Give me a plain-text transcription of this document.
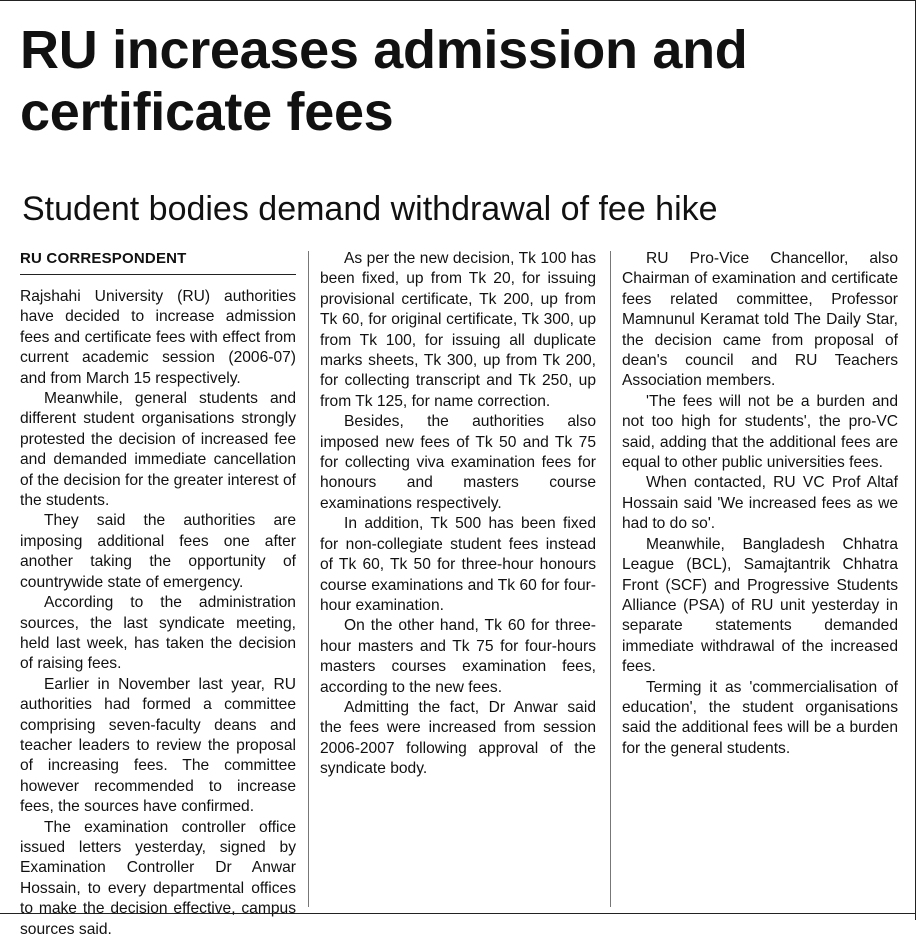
RU increases admission and certificate fees
Student bodies demand withdrawal of fee hike
RU CORRESPONDENT

Rajshahi University (RU) authorities have decided to increase admission fees and certificate fees with effect from current academic session (2006-07) and from March 15 respectively.

Meanwhile, general students and different student organisations strongly protested the decision of increased fee and demanded immediate cancellation of the decision for the greater interest of the students.

They said the authorities are imposing additional fees one after another taking the opportunity of countrywide state of emergency.

According to the administration sources, the last syndicate meeting, held last week, has taken the decision of raising fees.

Earlier in November last year, RU authorities had formed a committee comprising seven-faculty deans and teacher leaders to review the proposal of increasing fees. The committee however recommended to increase fees, the sources have confirmed.

The examination controller office issued letters yesterday, signed by Examination Controller Dr Anwar Hossain, to every departmental offices to make the decision effective, campus sources said.

As per the new decision, Tk 100 has been fixed, up from Tk 20, for issuing provisional certificate, Tk 200, up from Tk 60, for original certificate, Tk 300, up from Tk 100, for issuing all duplicate marks sheets, Tk 300, up from Tk 200, for collecting transcript and Tk 250, up from Tk 125, for name correction.

Besides, the authorities also imposed new fees of Tk 50 and Tk 75 for collecting viva examination fees for honours and masters course examinations respectively.

In addition, Tk 500 has been fixed for non-collegiate student fees instead of Tk 60, Tk 50 for three-hour honours course examinations and Tk 60 for four-hour examination.

On the other hand, Tk 60 for three-hour masters and Tk 75 for four-hours masters courses examination fees, according to the new fees.

Admitting the fact, Dr Anwar said the fees were increased from session 2006-2007 following approval of the syndicate body.

RU Pro-Vice Chancellor, also Chairman of examination and certificate fees related committee, Professor Mamnunul Keramat told The Daily Star, the decision came from proposal of dean's council and RU Teachers Association members.

'The fees will not be a burden and not too high for students', the pro-VC said, adding that the additional fees are equal to other public universities fees.

When contacted, RU VC Prof Altaf Hossain said 'We increased fees as we had to do so'.

Meanwhile, Bangladesh Chhatra League (BCL), Samajtantrik Chhatra Front (SCF) and Progressive Students Alliance (PSA) of RU unit yesterday in separate statements demanded immediate withdrawal of the increased fees.

Terming it as 'commercialisation of education', the student organisations said the additional fees will be a burden for the general students.
